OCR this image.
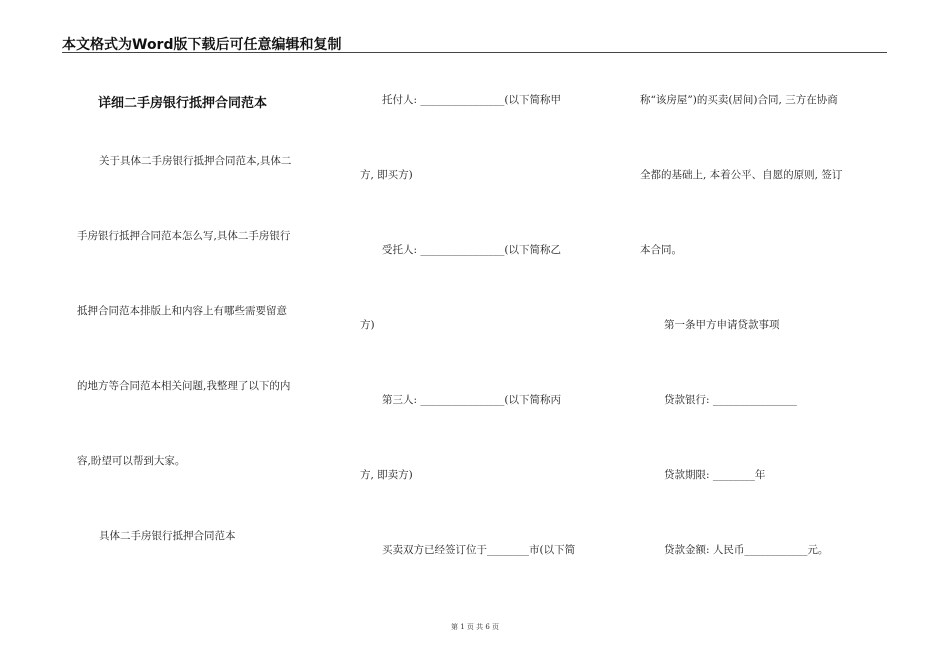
本文格式为Word版下载后可任意编辑和复制
详细二手房银行抵押合同范本
关于具体二手房银行抵押合同范本,具体二
手房银行抵押合同范本怎么写,具体二手房银行
抵押合同范本排版上和内容上有哪些需要留意
的地方等合同范本相关问题,我整理了以下的内
容,盼望可以帮到大家。
具体二手房银行抵押合同范本
托付人: ________________(以下简称甲
方, 即买方)
受托人: ________________(以下简称乙
方)
第三人: ________________(以下简称丙
方, 即卖方)
买卖双方已经签订位于________市(以下简
称“该房屋”)的买卖(居间)合同, 三方在协商
全都的基础上, 本着公平、自愿的原则, 签订
本合同。
第一条甲方申请贷款事项
贷款银行: ________________
贷款期限: ________年
贷款金额: 人民币____________元。
第 1 页 共 6 页
